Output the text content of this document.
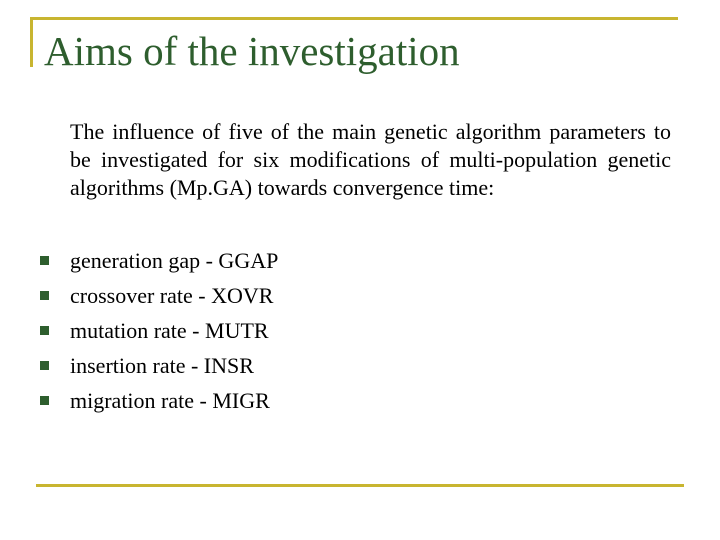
Aims of the investigation
The influence of five of the main genetic algorithm parameters to be investigated for six modifications of multi-population genetic algorithms (Mp.GA) towards convergence time:
generation gap - GGAP
crossover rate - XOVR
mutation rate - MUTR
insertion rate - INSR
migration rate - MIGR
